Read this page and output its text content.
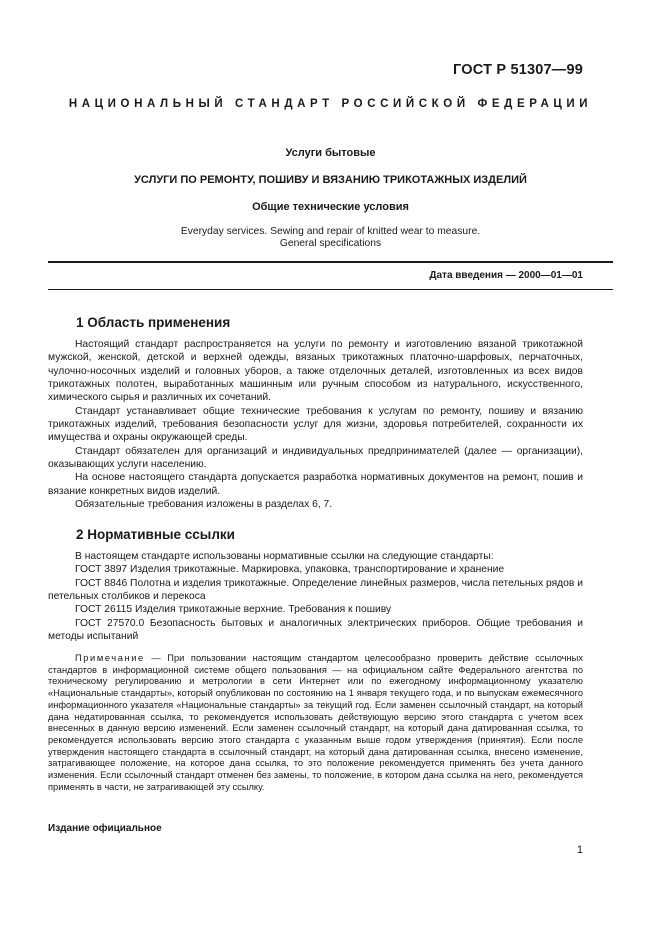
ГОСТ Р 51307—99
НАЦИОНАЛЬНЫЙ СТАНДАРТ РОССИЙСКОЙ ФЕДЕРАЦИИ
Услуги бытовые
УСЛУГИ ПО РЕМОНТУ, ПОШИВУ И ВЯЗАНИЮ ТРИКОТАЖНЫХ ИЗДЕЛИЙ
Общие технические условия
Everyday services. Sewing and repair of knitted wear to measure.
General specifications
Дата введения — 2000—01—01
1 Область применения

Настоящий стандарт распространяется на услуги по ремонту и изготовлению вязаной трикотажной мужской, женской, детской и верхней одежды, вязаных трикотажных платочно-шарфовых, перчаточных, чулочно-носочных изделий и головных уборов, а также отделочных деталей, изготовленных из всех видов трикотажных полотен, выработанных машинным или ручным способом из натурального, искусственного, химического сырья и различных их сочетаний.

Стандарт устанавливает общие технические требования к услугам по ремонту, пошиву и вязанию трикотажных изделий, требования безопасности услуг для жизни, здоровья потребителей, сохранности их имущества и охраны окружающей среды.

Стандарт обязателен для организаций и индивидуальных предпринимателей (далее — организации), оказывающих услуги населению.

На основе настоящего стандарта допускается разработка нормативных документов на ремонт, пошив и вязание конкретных видов изделий.

Обязательные требования изложены в разделах 6, 7.

2 Нормативные ссылки

В настоящем стандарте использованы нормативные ссылки на следующие стандарты:

ГОСТ 3897 Изделия трикотажные. Маркировка, упаковка, транспортирование и хранение

ГОСТ 8846 Полотна и изделия трикотажные. Определение линейных размеров, числа петельных рядов и петельных столбиков и перекоса

ГОСТ 26115 Изделия трикотажные верхние. Требования к пошиву

ГОСТ 27570.0 Безопасность бытовых и аналогичных электрических приборов. Общие требования и методы испытаний

Примечание — При пользовании настоящим стандартом целесообразно проверить действие ссылочных стандартов в информационной системе общего пользования — на официальном сайте Федерального агентства по техническому регулированию и метрологии в сети Интернет или по ежегодному информационному указателю «Национальные стандарты», который опубликован по состоянию на 1 января текущего года, и по выпускам ежемесячного информационного указателя «Национальные стандарты» за текущий год. Если заменен ссылочный стандарт, на который дана недатированная ссылка, то рекомендуется использовать действующую версию этого стандарта с учетом всех внесенных в данную версию изменений. Если заменен ссылочный стандарт, на который дана датированная ссылка, то рекомендуется использовать версию этого стандарта с указанным выше годом утверждения (принятия). Если после утверждения настоящего стандарта в ссылочный стандарт, на который дана датированная ссылка, внесено изменение, затрагивающее положение, на которое дана ссылка, то это положение рекомендуется применять без учета данного изменения. Если ссылочный стандарт отменен без замены, то положение, в котором дана ссылка на него, рекомендуется применять в части, не затрагивающей эту ссылку.

Издание официальное
1
